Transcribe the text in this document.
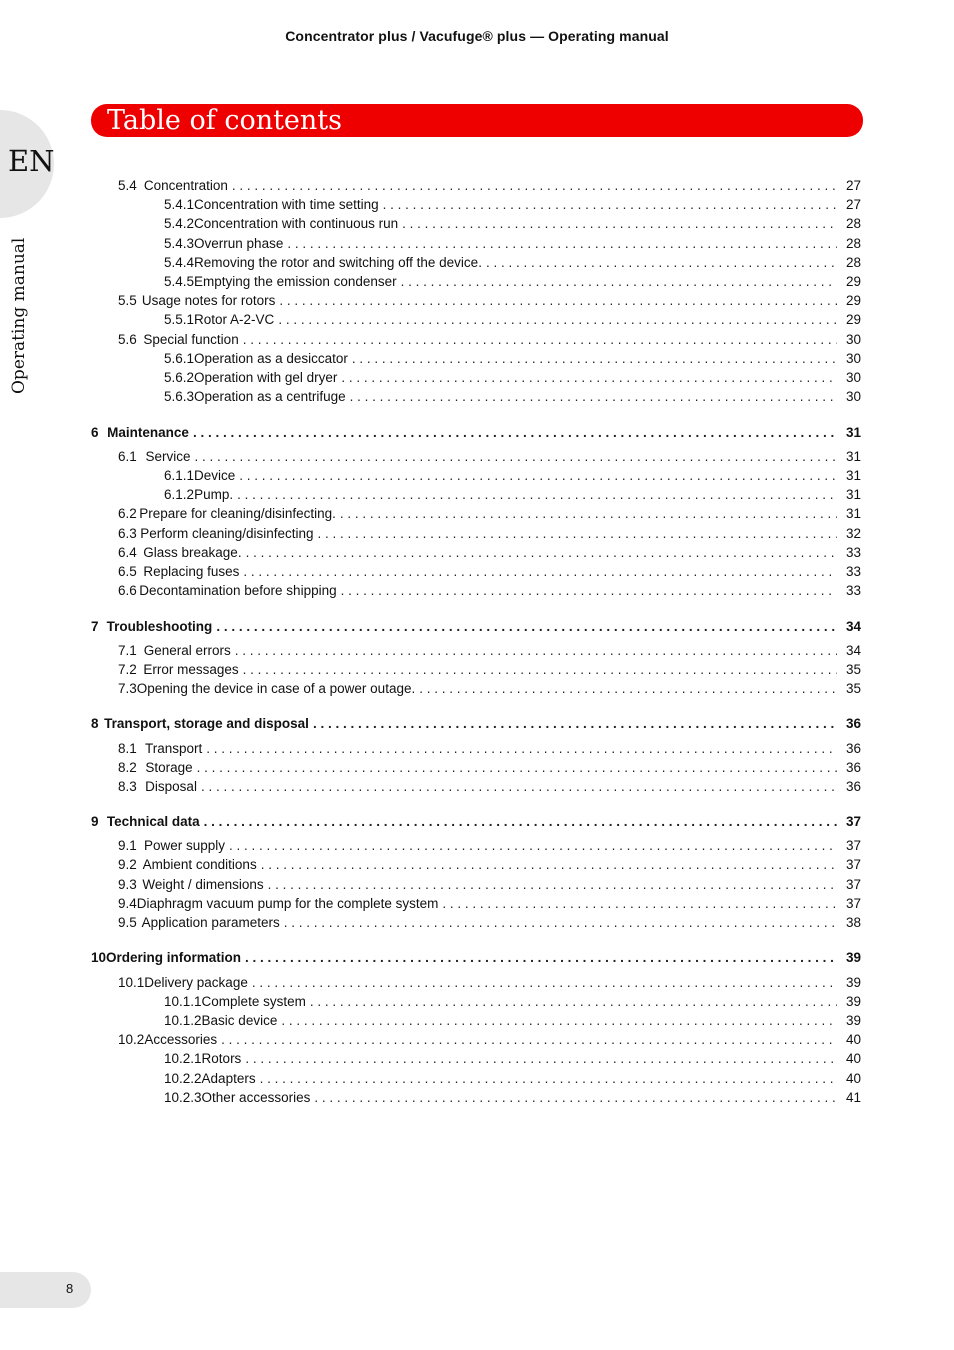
Concentrator plus / Vacufuge® plus — Operating manual
EN
Operating manual
Table of contents
5.4 Concentration . . .	27
5.4.1 Concentration with time setting . . .	27
5.4.2 Concentration with continuous run . . .	28
5.4.3 Overrun phase . . .	28
5.4.4 Removing the rotor and switching off the device. . . .	28
5.4.5 Emptying the emission condenser . . .	29
5.5 Usage notes for rotors . . .	29
5.5.1 Rotor A-2-VC . . .	29
5.6 Special function . . .	30
5.6.1 Operation as a desiccator . . .	30
5.6.2 Operation with gel dryer . . .	30
5.6.3 Operation as a centrifuge . . .	30
6 Maintenance . . .	31
6.1 Service . . .	31
6.1.1 Device . . .	31
6.1.2 Pump. . . .	31
6.2 Prepare for cleaning/disinfecting. . . .	31
6.3 Perform cleaning/disinfecting . . .	32
6.4 Glass breakage. . . .	33
6.5 Replacing fuses . . .	33
6.6 Decontamination before shipping . . .	33
7 Troubleshooting . . .	34
7.1 General errors . . .	34
7.2 Error messages . . .	35
7.3 Opening the device in case of a power outage. . . .	35
8 Transport, storage and disposal . . .	36
8.1 Transport . . .	36
8.2 Storage . . .	36
8.3 Disposal . . .	36
9 Technical data . . .	37
9.1 Power supply . . .	37
9.2 Ambient conditions . . .	37
9.3 Weight / dimensions . . .	37
9.4 Diaphragm vacuum pump for the complete system . . .	37
9.5 Application parameters . . .	38
10 Ordering information . . .	39
10.1 Delivery package . . .	39
10.1.1 Complete system . . .	39
10.1.2 Basic device . . .	39
10.2 Accessories . . .	40
10.2.1 Rotors . . .	40
10.2.2 Adapters . . .	40
10.2.3 Other accessories . . .	41
8
